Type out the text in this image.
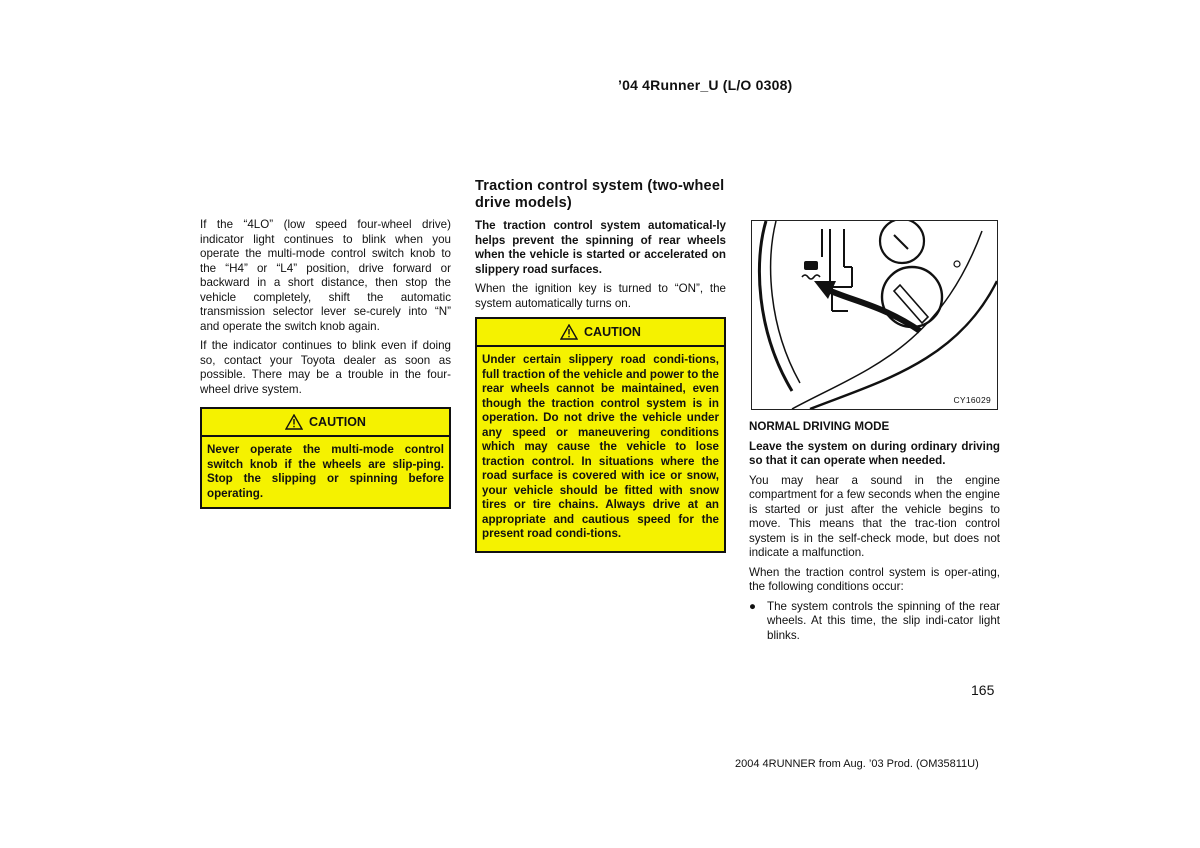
’04 4Runner_U (L/O 0308)

If the “4LO” (low speed four-wheel drive) indicator light continues to blink when you operate the multi-mode control switch knob to the “H4” or “L4” position, drive forward or backward in a short distance, then stop the vehicle completely, shift the automatic transmission selector lever se-curely into “N” and operate the switch knob again.

If the indicator continues to blink even if doing so, contact your Toyota dealer as soon as possible. There may be a trouble in the four-wheel drive system.

CAUTION
Never operate the multi-mode control switch knob if the wheels are slip-ping. Stop the slipping or spinning before operating.
Traction control system (two-wheel drive models)

The traction control system automatical-ly helps prevent the spinning of rear wheels when the vehicle is started or accelerated on slippery road surfaces.

When the ignition key is turned to “ON”, the system automatically turns on.

CAUTION
Under certain slippery road condi-tions, full traction of the vehicle and power to the rear wheels cannot be maintained, even though the traction control system is in operation. Do not drive the vehicle under any speed or maneuvering conditions which may cause the vehicle to lose traction control. In situations where the road surface is covered with ice or snow, your vehicle should be fitted with snow tires or tire chains. Always drive at an appropriate and cautious speed for the present road condi-tions.
CY16029

NORMAL DRIVING MODE

Leave the system on during ordinary driving so that it can operate when needed.

You may hear a sound in the engine compartment for a few seconds when the engine is started or just after the vehicle begins to move. This means that the trac-tion control system is in the self-check mode, but does not indicate a malfunction.

When the traction control system is oper-ating, the following conditions occur:

● The system controls the spinning of the rear wheels. At this time, the slip indi-cator light blinks.
165
2004 4RUNNER from Aug. ’03 Prod. (OM35811U)
